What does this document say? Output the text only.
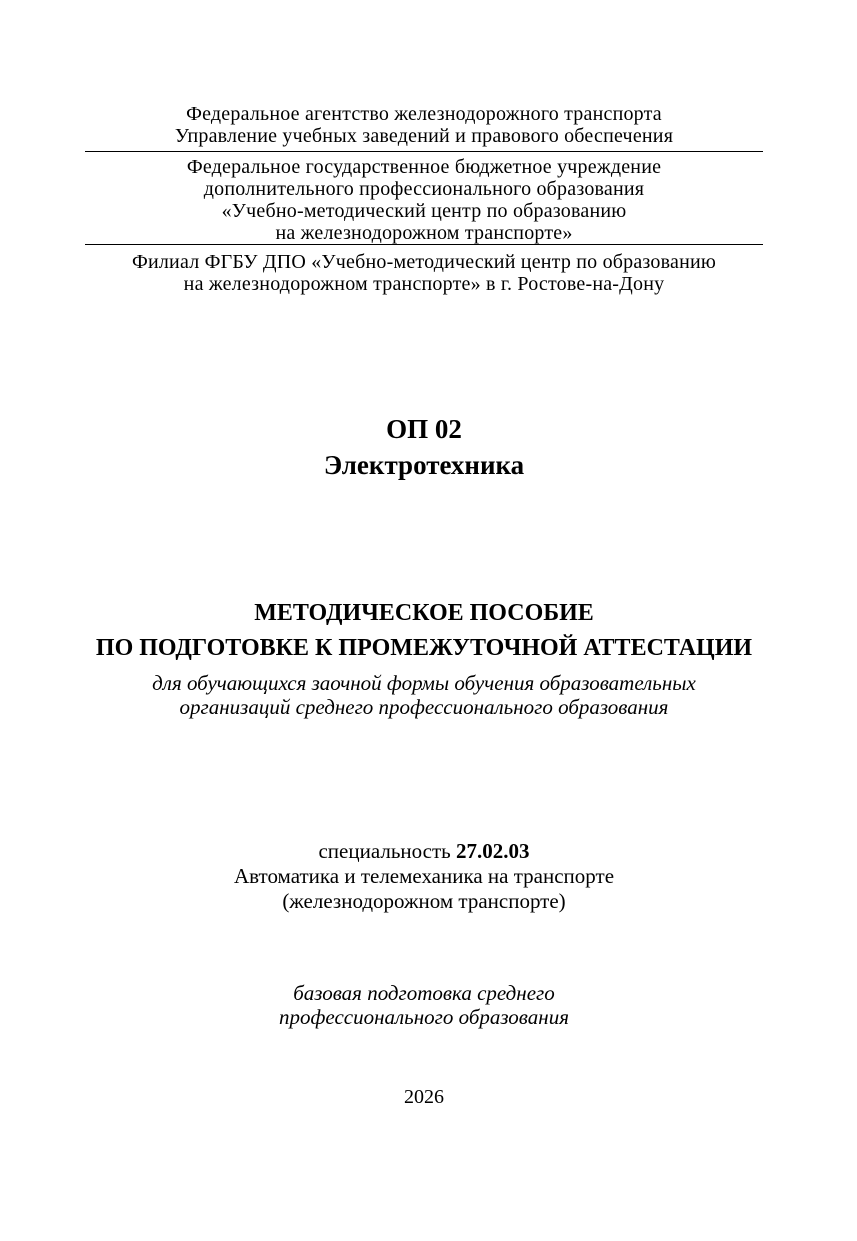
Федеральное агентство железнодорожного транспорта
Управление учебных заведений и правового обеспечения
Федеральное государственное бюджетное учреждение
дополнительного профессионального образования
«Учебно-методический центр по образованию
на железнодорожном транспорте»
Филиал ФГБУ ДПО «Учебно-методический центр по образованию
на железнодорожном транспорте» в г. Ростове-на-Дону
ОП 02
Электротехника
МЕТОДИЧЕСКОЕ ПОСОБИЕ
ПО ПОДГОТОВКЕ К ПРОМЕЖУТОЧНОЙ АТТЕСТАЦИИ
для обучающихся заочной формы обучения образовательных
организаций среднего профессионального образования
специальность 27.02.03
Автоматика и телемеханика на транспорте
(железнодорожном транспорте)
базовая подготовка среднего
профессионального образования
2026
